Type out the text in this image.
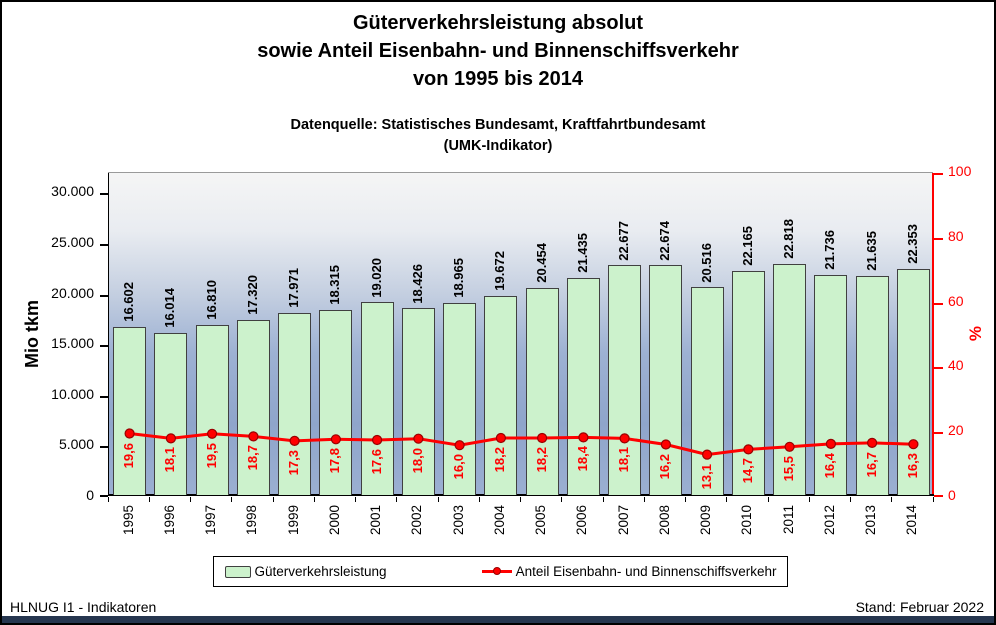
Güterverkehrsleistung absolut
sowie Anteil Eisenbahn- und Binnenschiffsverkehr
von 1995 bis 2014
Datenquelle: Statistisches Bundesamt, Kraftfahrtbundesamt
(UMK-Indikator)
Mio tkm	%
0
5.000
10.000
15.000
20.000
25.000
30.000
0
20
40
60
80
100
16.602 16.014 16.810 17.320 17.971 18.315 19.020 18.426 18.965 19.672 20.454 21.435 22.677 22.674
20.516 22.165 22.818 21.736 21.635 22.353
19,6 18,1 19,5 18,7 17,3 17,8 17,6 18,0 16,0 18,2 18,2 18,4 18,1 16,2 13,1 14,7 15,5 16,4 16,7 16,3
1995 1996 1997 1998 1999 2000 2001 2002 2003 2004 2005 2006 2007 2008 2009 2010 2011 2012 2013 2014
Güterverkehrsleistung	Anteil Eisenbahn- und Binnenschiffsverkehr
HLNUG I1 - Indikatoren	Stand: Februar 2022
